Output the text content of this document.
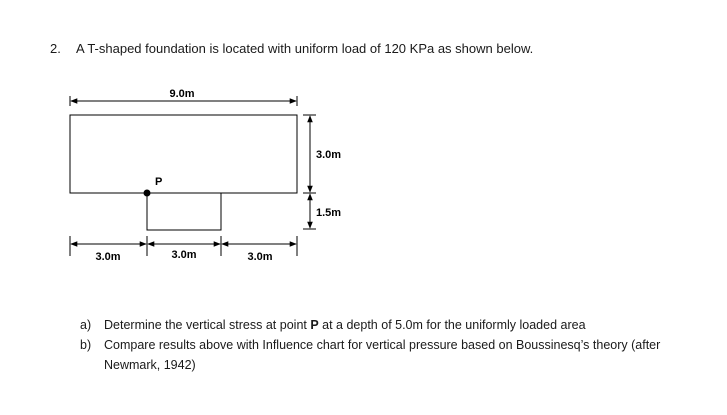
2. A T-shaped foundation is located with uniform load of 120 KPa as shown below.
9.0m
P
3.0m
1.5m
3.0m	3.0m	3.0m
a) Determine the vertical stress at point P at a depth of 5.0m for the uniformly loaded area
b) Compare results above with Influence chart for vertical pressure based on Boussinesq’s theory (after Newmark, 1942)
